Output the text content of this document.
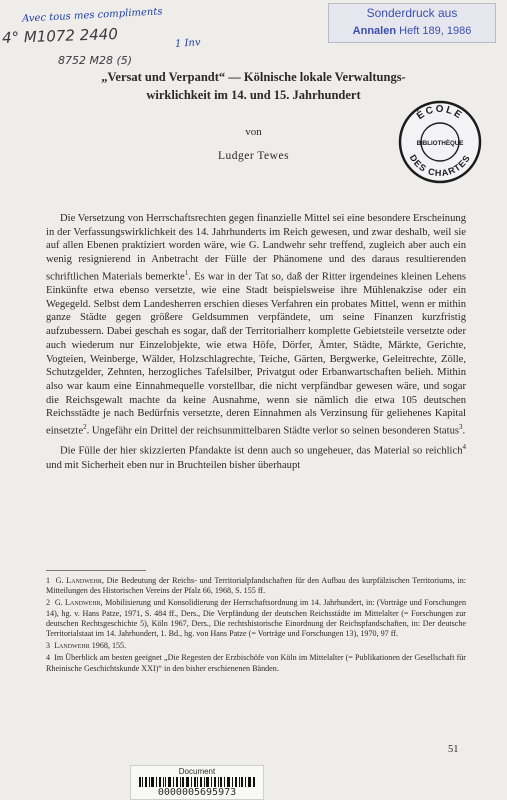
Avec tous mes compliments
4° M1072 2440	1 Inv
8752 M28 (5)
Sonderdruck aus
Annalen Heft 189, 1986
ÉCOLE
BIBLIOTHÈQUE
DES CHARTES
„Versat und Verpandt“ — Kölnische lokale Verwaltungs-
wirklichkeit im 14. und 15. Jahrhundert
von
Ludger Tewes

Die Versetzung von Herrschaftsrechten gegen finanzielle Mittel sei eine besondere Erscheinung in der Verfassungswirklichkeit des 14. Jahrhunderts im Reich gewesen, und zwar deshalb, weil sie auf allen Ebenen praktiziert worden wäre, wie G. Landwehr sehr treffend, zugleich aber auch ein wenig resignierend in Anbetracht der Fülle der Phänomene und des daraus resultierenden schriftlichen Materials bemerkte$^1$. Es war in der Tat so, daß der Ritter irgendeines kleinen Lehens Einkünfte etwa ebenso versetzte, wie eine Stadt beispielsweise ihre Mühlenakzise oder ein Wegegeld. Selbst dem Landesherren erschien dieses Verfahren ein probates Mittel, wenn er mithin ganze Städte gegen größere Geldsummen verpfändete, um seine Finanzen kurzfristig aufzubessern. Dabei geschah es sogar, daß der Territorialherr komplette Gebietsteile versetzte oder auch wiederum nur Einzelobjekte, wie etwa Höfe, Dörfer, Ämter, Städte, Märkte, Gerichte, Vogteien, Weinberge, Wälder, Holzschlagrechte, Teiche, Gärten, Bergwerke, Geleitrechte, Zölle, Schutzgelder, Zehnten, herzogliches Tafelsilber, Privatgut oder Erbanwartschaften belieh. Mithin also war kaum eine Einnahmequelle vorstellbar, die nicht verpfändbar gewesen wäre, und sogar die Reichsgewalt machte da keine Ausnahme, wenn sie nämlich die etwa 105 deutschen Reichsstädte je nach Bedürfnis versetzte, deren Einnahmen als Verzinsung für geliehenes Kapital einsetzte$^2$. Ungefähr ein Drittel der reichsunmittelbaren Städte verlor so seinen besonderen Status$^3$.

Die Fülle der hier skizzierten Pfandakte ist denn auch so ungeheuer, das Material so reichlich$^4$ und mit Sicherheit eben nur in Bruchteilen bisher überhaupt

1 G. Landwehr, Die Bedeutung der Reichs- und Territorialpfandschaften für den Aufbau des kurpfälzischen Territoriums, in: Mitteilungen des Historischen Vereins der Pfalz 66, 1968, S. 155 ff.
2 G. Landwehr, Mobilisierung und Konsolidierung der Herrschaftsordnung im 14. Jahrhundert, in: (Vorträge und Forschungen 14), hg. v. Hans Patze, 1971, S. 484 ff., Ders., Die Verpfändung der deutschen Reichsstädte im Mittelalter (= Forschungen zur deutschen Rechtsgeschichte 5), Köln 1967, Ders., Die rechtshistorische Einordnung der Reichspfandschaften, in: Der deutsche Territorialstaat im 14. Jahrhundert, 1. Bd., hg. von Hans Patze (= Vorträge und Forschungen 13), 1970, 97 ff.
3 Landwehr 1968, 155.
4 Im Überblick am besten geeignet „Die Regesten der Erzbischöfe von Köln im Mittelalter (= Publikationen der Gesellschaft für Rheinische Geschichtskunde XXI)“ in den bisher erschienenen Bänden.
51
Document
0000005695973
